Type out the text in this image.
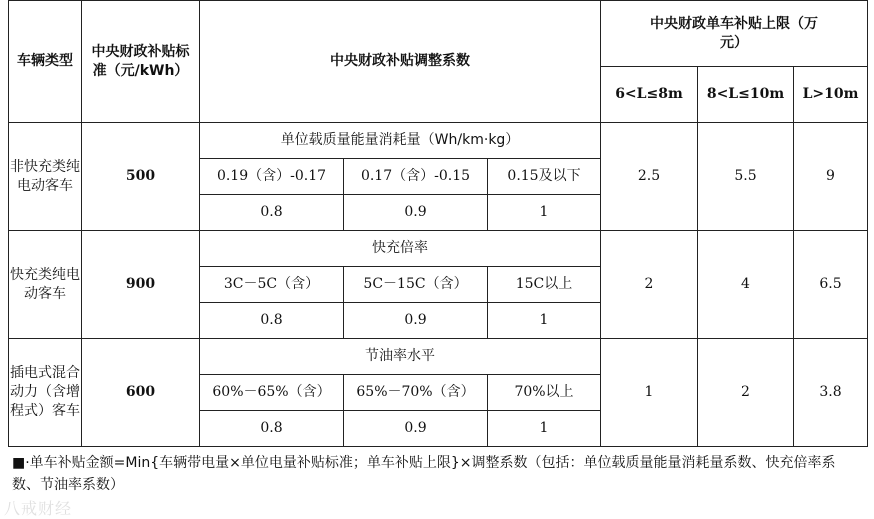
车辆类型	中央财政补贴标准（元/kWh）	中央财政补贴调整系数			中央财政单车补贴上限（万元）		
					6<L≤8m	8<L≤10m	L>10m
非快充类纯电动客车	500	单位载质量能量消耗量（Wh/km·kg）			2.5	5.5	9
		0.19（含）-0.17	0.17（含）-0.15	0.15及以下			
		0.8	0.9	1			
快充类纯电动客车	900	快充倍率			2	4	6.5
		3C－5C（含）	5C－15C（含）	15C以上			
		0.8	0.9	1			
插电式混合动力（含增程式）客车	600	节油率水平			1	2	3.8
		60%－65%（含）	65%－70%（含）	70%以上			
		0.8	0.9	1			
■·单车补贴金额=Min{车辆带电量×单位电量补贴标准；单车补贴上限}×调整系数（包括：单位载质量能量消耗量系数、快充倍率系数、节油率系数）
八戒财经
